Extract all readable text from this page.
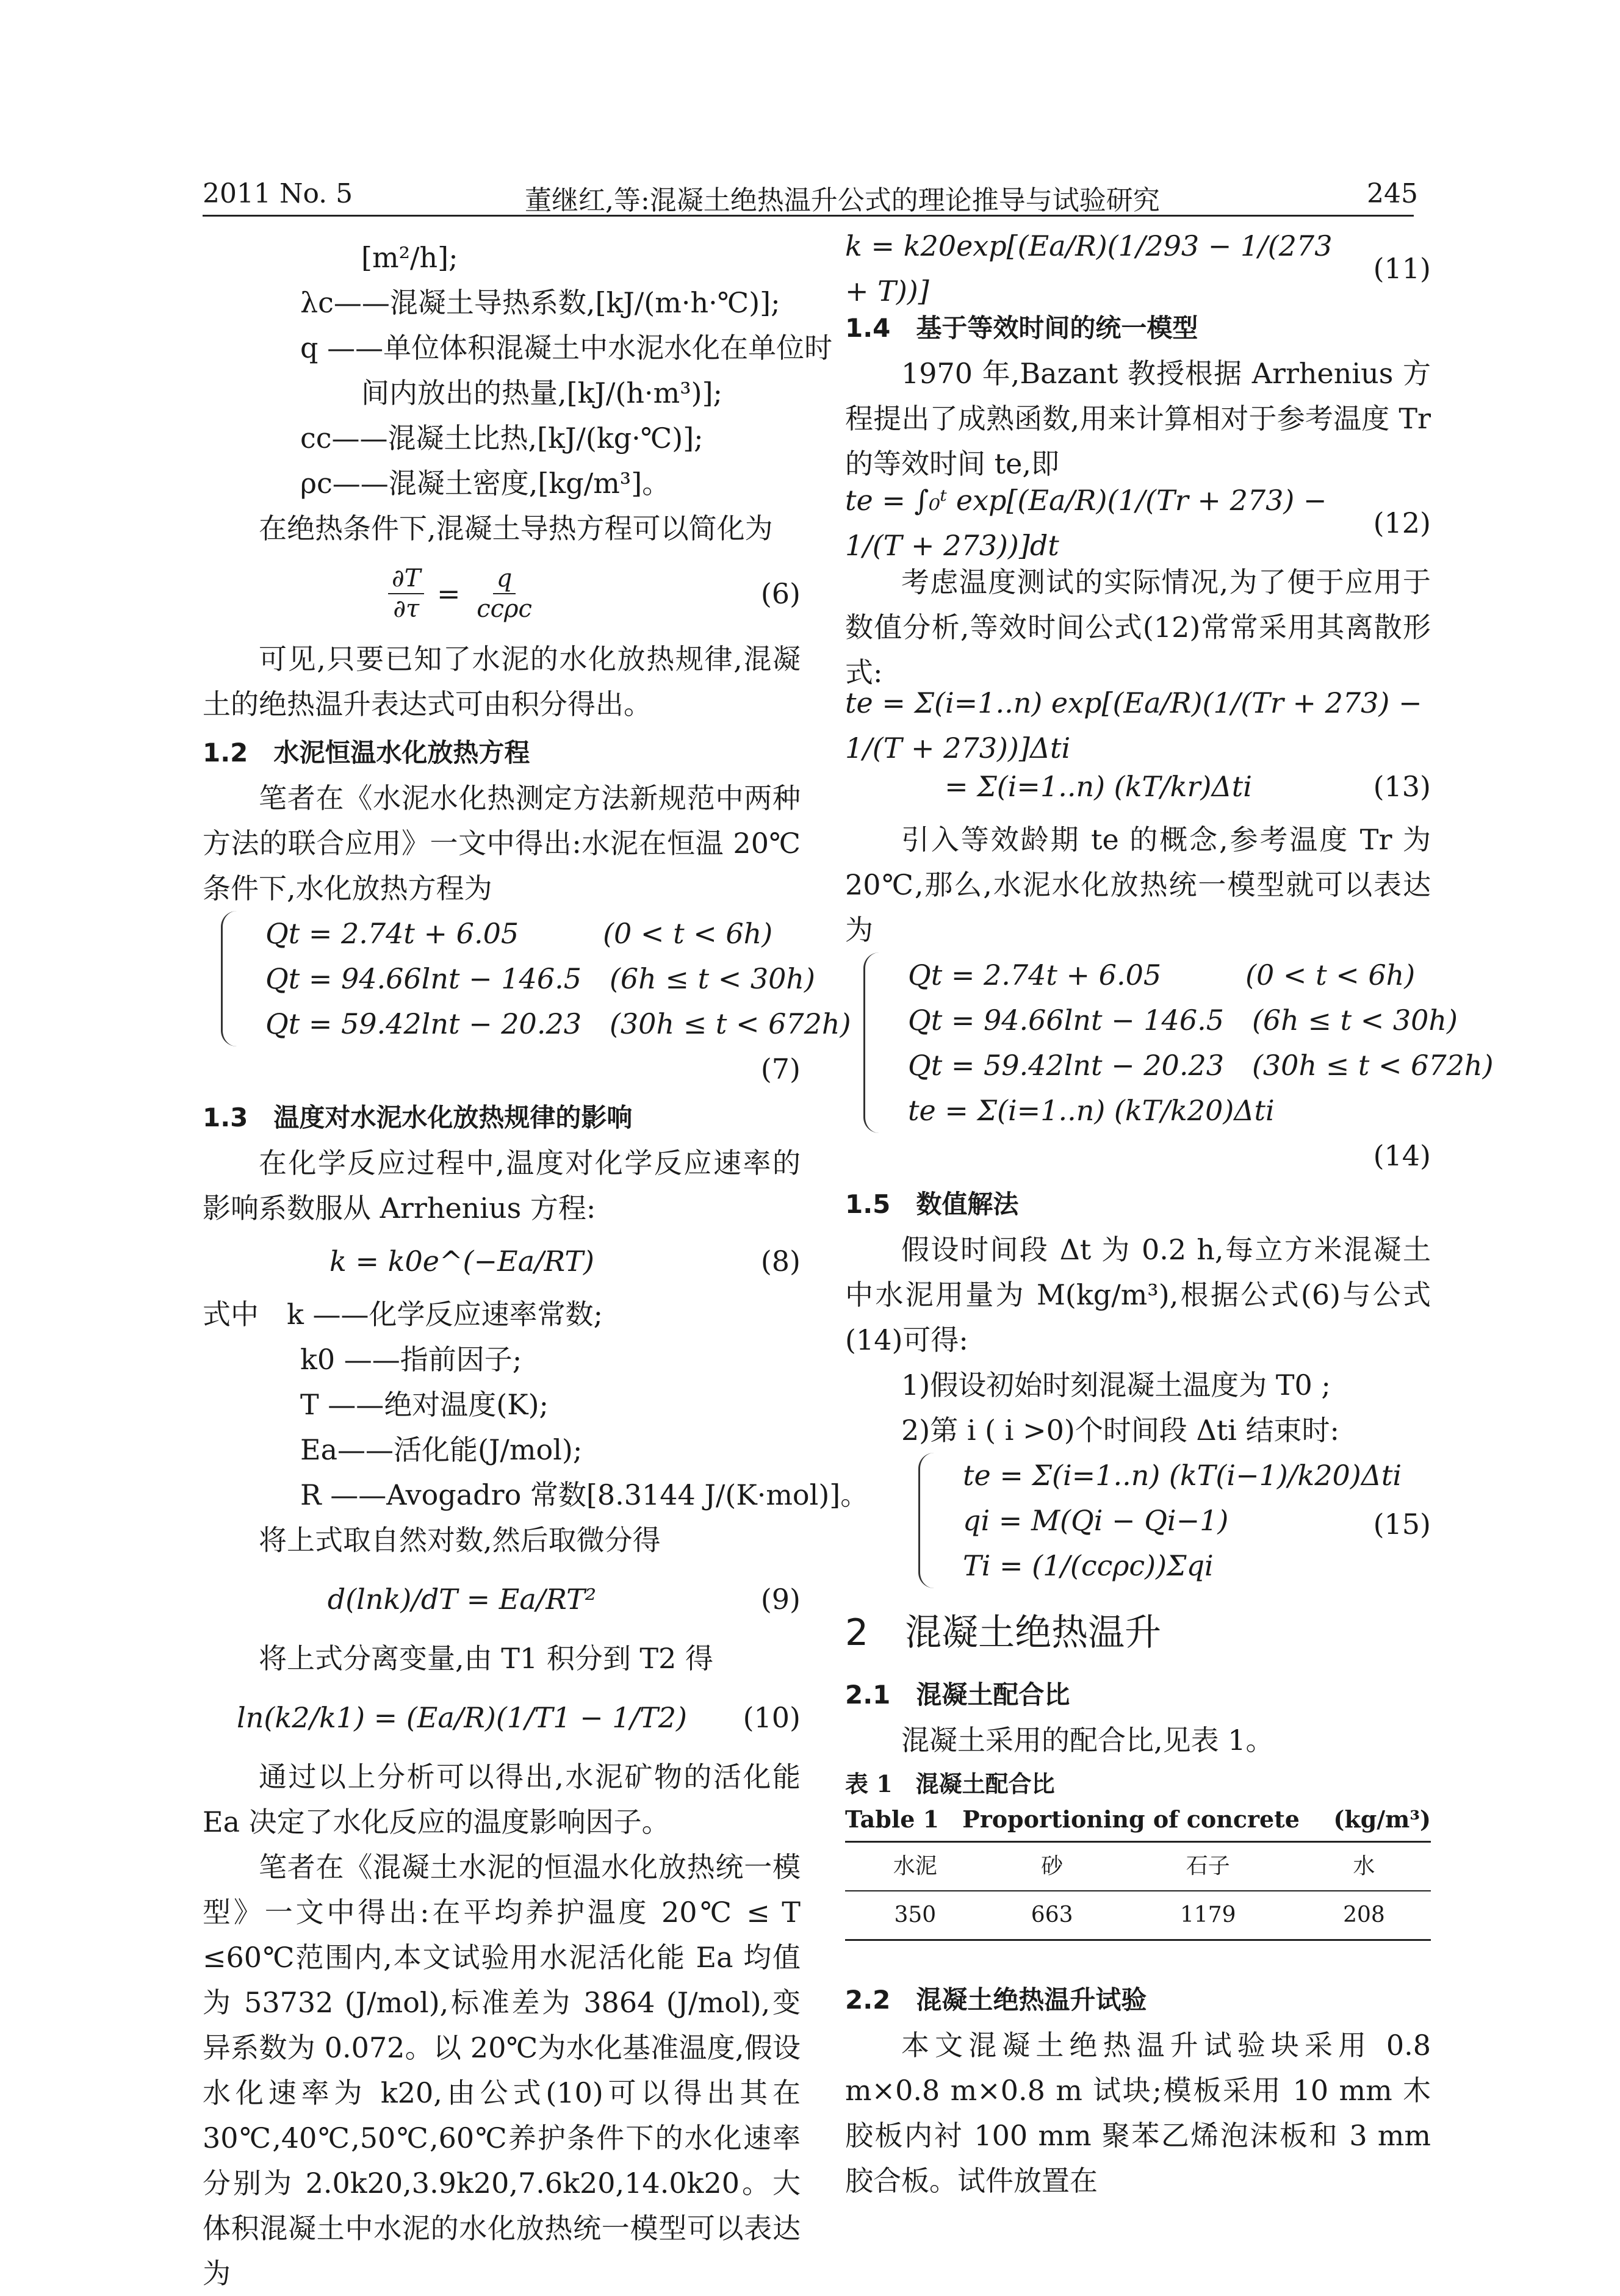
2011 No. 5	董继红,等:混凝土绝热温升公式的理论推导与试验研究	245

[m²/h];

λc——混凝土导热系数,[kJ/(m·h·℃)];

q ——单位体积混凝土中水泥水化在单位时

间内放出的热量,[kJ/(h·m³)];

cc——混凝土比热,[kJ/(kg·℃)];

ρc——混凝土密度,[kg/m³]。

在绝热条件下,混凝土导热方程可以简化为

$\frac{\partial T}{\partial\tau} = \frac{q}{\text{ccρc}}$	(6)

可见,只要已知了水泥的水化放热规律,混凝土的绝热温升表达式可由积分得出。

1.2　水泥恒温水化放热方程

笔者在《水泥水化热测定方法新规范中两种方法的联合应用》一文中得出:水泥在恒温 20℃条件下,水化放热方程为

Qt = 2.74t + 6.05　　　(0 < t < 6h)

Qt = 94.66lnt − 146.5　(6h ≤ t < 30h)

Qt = 59.42lnt − 20.23　(30h ≤ t < 672h)

(7)

1.3　温度对水泥水化放热规律的影响

在化学反应过程中,温度对化学反应速率的影响系数服从 Arrhenius 方程:

k = k0e^(−Ea/RT)	(8)

式中　k ——化学反应速率常数;

k0 ——指前因子;

T ——绝对温度(K);

Ea——活化能(J/mol);

R ——Avogadro 常数[8.3144 J/(K·mol)]。

将上式取自然对数,然后取微分得

d(lnk)/dT = Ea/RT²	(9)

将上式分离变量,由 T1 积分到 T2 得

ln(k2/k1) = (Ea/R)(1/T1 − 1/T2)	(10)

通过以上分析可以得出,水泥矿物的活化能 Ea 决定了水化反应的温度影响因子。

笔者在《混凝土水泥的恒温水化放热统一模型》一文中得出:在平均养护温度 20℃ ≤ T ≤60℃范围内,本文试验用水泥活化能 Ea 均值为 53732 (J/mol),标准差为 3864 (J/mol),变异系数为 0.072。以 20℃为水化基准温度,假设水化速率为 k20,由公式(10)可以得出其在 30℃,40℃,50℃,60℃养护条件下的水化速率分别为 2.0k20,3.9k20,7.6k20,14.0k20。大体积混凝土中水泥的水化放热统一模型可以表达为

k = k20exp[(Ea/R)(1/293 − 1/(273 + T))]
(11)

1.4　基于等效时间的统一模型

1970 年,Bazant 教授根据 Arrhenius 方程提出了成熟函数,用来计算相对于参考温度 Tr 的等效时间 te,即

te = ∫₀ᵗ exp[(Ea/R)(1/(Tr + 273) − 1/(T + 273))]dt
(12)

考虑温度测试的实际情况,为了便于应用于数值分析,等效时间公式(12)常常采用其离散形式:

te = Σ(i=1..n) exp[(Ea/R)(1/(Tr + 273) − 1/(T + 273))]Δti
= Σ(i=1..n) (kT/kr)Δti	(13)

引入等效龄期 te 的概念,参考温度 Tr 为 20℃,那么,水泥水化放热统一模型就可以表达为

Qt = 2.74t + 6.05　　　(0 < t < 6h)

Qt = 94.66lnt − 146.5　(6h ≤ t < 30h)

Qt = 59.42lnt − 20.23　(30h ≤ t < 672h)

te = Σ(i=1..n) (kT/k20)Δti

(14)

1.5　数值解法

假设时间段 Δt 为 0.2 h,每立方米混凝土中水泥用量为 M(kg/m³),根据公式(6)与公式(14)可得:

1)假设初始时刻混凝土温度为 T0 ;

2)第 i ( i >0)个时间段 Δti 结束时:

te = Σ(i=1..n) (kT(i−1)/k20)Δti

qi = M(Qi − Qi−1)

Ti = (1/(ccρc))Σqi

(15)

2　混凝土绝热温升

2.1　混凝土配合比

混凝土采用的配合比,见表 1。

表 1　混凝土配合比

Table 1　Proportioning of concrete (kg/m³)
水泥	砂	石子	水
350	663	1179	208

2.2　混凝土绝热温升试验

本文混凝土绝热温升试验块采用 0.8 m×0.8 m×0.8 m 试块;模板采用 10 mm 木胶板内衬 100 mm 聚苯乙烯泡沫板和 3 mm 胶合板。试件放置在
